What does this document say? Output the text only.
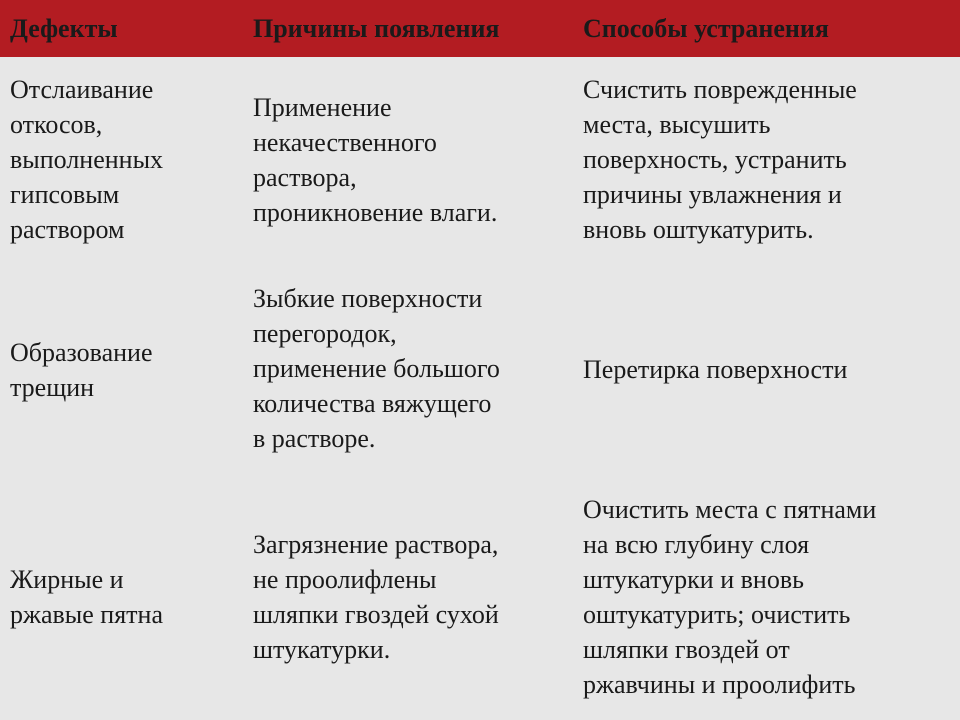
Дефекты	Причины появления	Способы устранения
Отслаивание
откосов,
выполненных
гипсовым
раствором
Применение
некачественного
раствора,
проникновение влаги.
Счистить поврежденные
места, высушить
поверхность, устранить
причины увлажнения и
вновь оштукатурить.
Образование
трещин
Зыбкие поверхности
перегородок,
применение большого
количества вяжущего
в растворе.
Перетирка поверхности
Жирные и
ржавые пятна
Загрязнение раствора,
не проолифлены
шляпки гвоздей сухой
штукатурки.
Очистить места с пятнами
на всю глубину слоя
штукатурки и вновь
оштукатурить; очистить
шляпки гвоздей от
ржавчины и проолифить
